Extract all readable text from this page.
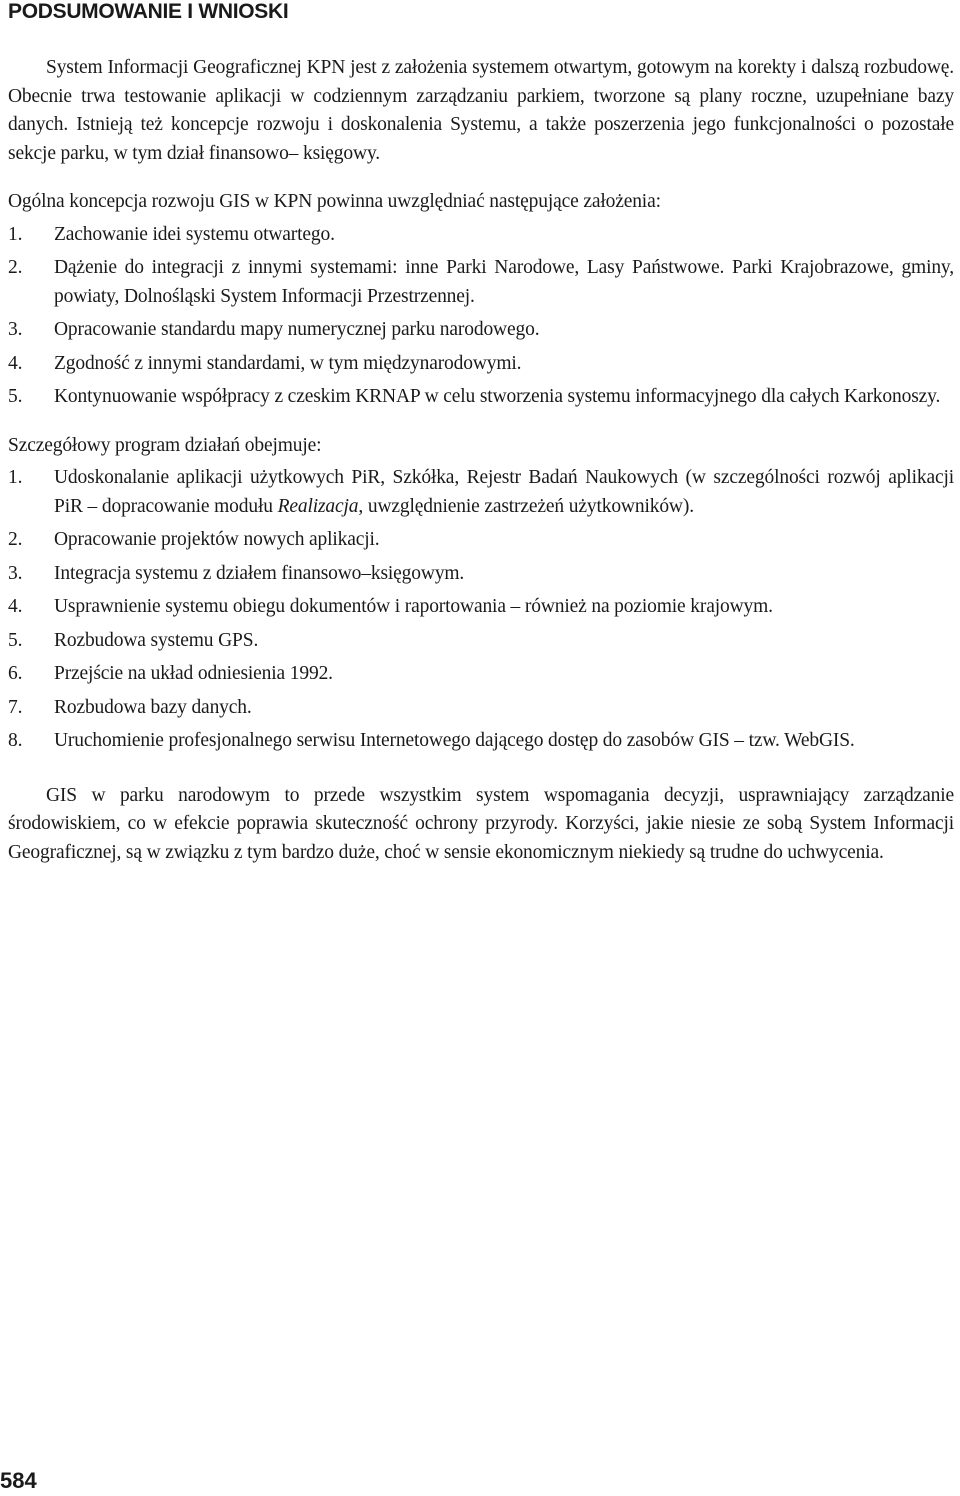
PODSUMOWANIE I WNIOSKI

System Informacji Geograficznej KPN jest z założenia systemem otwartym, gotowym na korekty i dalszą rozbudowę. Obecnie trwa testowanie aplikacji w codziennym zarządzaniu parkiem, tworzone są plany roczne, uzupełniane bazy danych. Istnieją też koncepcje rozwoju i doskonalenia Systemu, a także poszerzenia jego funkcjonalności o pozostałe sekcje parku, w tym dział finansowo– księgowy.

Ogólna koncepcja rozwoju GIS w KPN powinna uwzględniać następujące założenia:

1.	Zachowanie idei systemu otwartego.
2.	Dążenie do integracji z innymi systemami: inne Parki Narodowe, Lasy Państwowe. Parki Krajobrazowe, gminy, powiaty, Dolnośląski System Informacji Przestrzennej.
3.	Opracowanie standardu mapy numerycznej parku narodowego.
4.	Zgodność z innymi standardami, w tym międzynarodowymi.
5.	Kontynuowanie współpracy z czeskim KRNAP w celu stworzenia systemu informacyjnego dla całych Karkonoszy.

Szczegółowy program działań obejmuje:

1.	Udoskonalanie aplikacji użytkowych PiR, Szkółka, Rejestr Badań Naukowych (w szczególności rozwój aplikacji PiR – dopracowanie modułu Realizacja, uwzględnienie zastrzeżeń użytkowników).
2.	Opracowanie projektów nowych aplikacji.
3.	Integracja systemu z działem finansowo–księgowym.
4.	Usprawnienie systemu obiegu dokumentów i raportowania – również na poziomie krajowym.
5.	Rozbudowa systemu GPS.
6.	Przejście na układ odniesienia 1992.
7.	Rozbudowa bazy danych.
8.	Uruchomienie profesjonalnego serwisu Internetowego dającego dostęp do zasobów GIS – tzw. WebGIS.

GIS w parku narodowym to przede wszystkim system wspomagania decyzji, usprawniający zarządzanie środowiskiem, co w efekcie poprawia skuteczność ochrony przyrody. Korzyści, jakie niesie ze sobą System Informacji Geograficznej, są w związku z tym bardzo duże, choć w sensie ekonomicznym niekiedy są trudne do uchwycenia.

584
